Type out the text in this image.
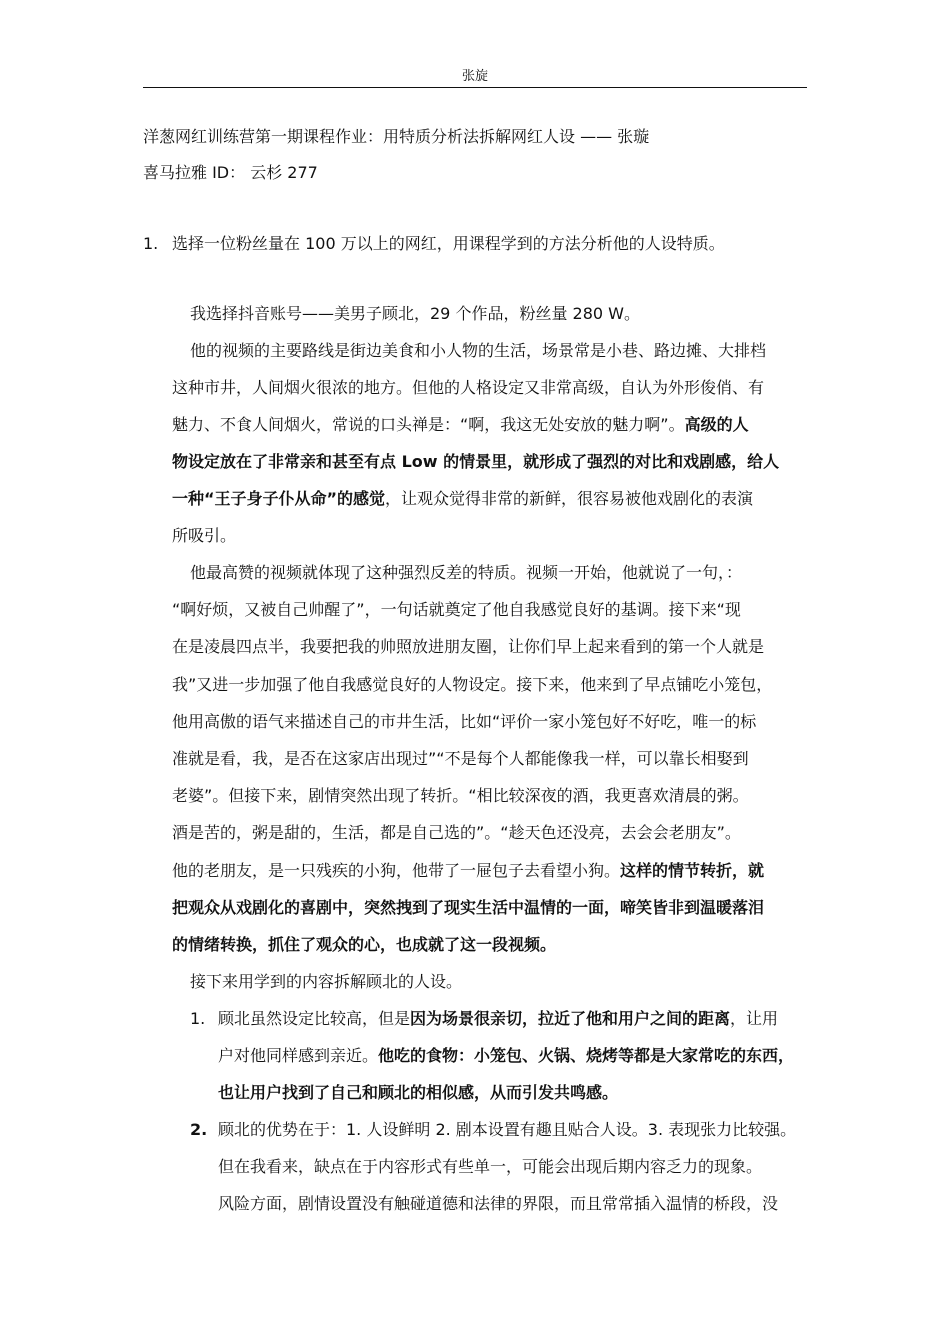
张旋
洋葱网红训练营第一期课程作业：用特质分析法拆解网红人设 —— 张璇
喜马拉雅 ID： 云杉 277
1. 选择一位粉丝量在 100 万以上的网红，用课程学到的方法分析他的人设特质。
我选择抖音账号——美男子顾北，29 个作品，粉丝量 280 W。
他的视频的主要路线是街边美食和小人物的生活，场景常是小巷、路边摊、大排档
这种市井，人间烟火很浓的地方。但他的人格设定又非常高级，自认为外形俊俏、有
魅力、不食人间烟火，常说的口头禅是：“啊，我这无处安放的魅力啊”。高级的人
物设定放在了非常亲和甚至有点 Low 的情景里，就形成了强烈的对比和戏剧感，给人
一种“王子身子仆从命”的感觉，让观众觉得非常的新鲜，很容易被他戏剧化的表演
所吸引。
他最高赞的视频就体现了这种强烈反差的特质。视频一开始，他就说了一句，：
“啊好烦，又被自己帅醒了”，一句话就奠定了他自我感觉良好的基调。接下来“现
在是凌晨四点半，我要把我的帅照放进朋友圈，让你们早上起来看到的第一个人就是
我”又进一步加强了他自我感觉良好的人物设定。接下来，他来到了早点铺吃小笼包，
他用高傲的语气来描述自己的市井生活，比如“评价一家小笼包好不好吃，唯一的标
准就是看，我，是否在这家店出现过”“不是每个人都能像我一样，可以靠长相娶到
老婆”。但接下来，剧情突然出现了转折。“相比较深夜的酒，我更喜欢清晨的粥。
酒是苦的，粥是甜的，生活，都是自己选的”。“趁天色还没亮，去会会老朋友”。
他的老朋友，是一只残疾的小狗，他带了一屉包子去看望小狗。这样的情节转折，就
把观众从戏剧化的喜剧中，突然拽到了现实生活中温情的一面，啼笑皆非到温暖落泪
的情绪转换，抓住了观众的心，也成就了这一段视频。
接下来用学到的内容拆解顾北的人设。
1. 顾北虽然设定比较高，但是因为场景很亲切，拉近了他和用户之间的距离，让用
户对他同样感到亲近。他吃的食物：小笼包、火锅、烧烤等都是大家常吃的东西，
也让用户找到了自己和顾北的相似感，从而引发共鸣感。
2. 顾北的优势在于：1. 人设鲜明 2. 剧本设置有趣且贴合人设。3. 表现张力比较强。
但在我看来，缺点在于内容形式有些单一，可能会出现后期内容乏力的现象。
风险方面，剧情设置没有触碰道德和法律的界限，而且常常插入温情的桥段，没
